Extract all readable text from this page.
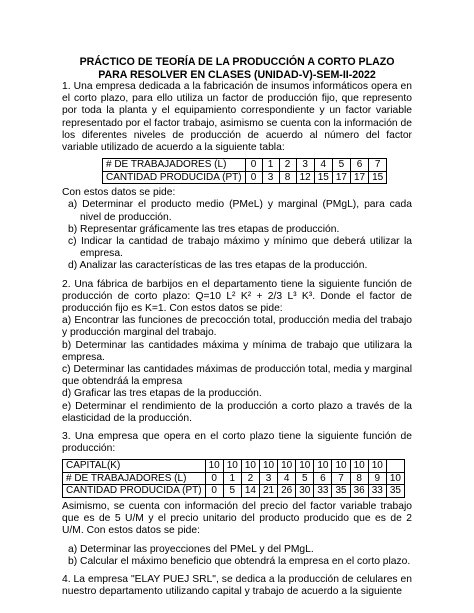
PRÁCTICO DE TEORÍA DE LA PRODUCCIÓN A CORTO PLAZO
PARA RESOLVER EN CLASES (UNIDAD-V)-SEM-II-2022

1. Una empresa dedicada a la fabricación de insumos informáticos opera en el corto plazo, para ello utiliza un factor de producción fijo, que represento por toda la planta y el equipamiento correspondiente y un factor variable representado por el factor trabajo, asimismo se cuenta con la información de los diferentes niveles de producción de acuerdo al número del factor variable utilizado de acuerdo a la siguiente tabla:

# DE TRABAJADORES (L)	0	1	2	3	4	5	6	7
CANTIDAD PRODUCIDA (PT)	0	3	8	12	15	17	17	15

Con estos datos se pide:

a) Determinar el producto medio (PMeL) y marginal (PMgL), para cada nivel de producción.

b) Representar gráficamente las tres etapas de producción.

c) Indicar la cantidad de trabajo máximo y mínimo que deberá utilizar la empresa.

d) Analizar las características de las tres etapas de la producción.

2. Una fábrica de barbijos en el departamento tiene la siguiente función de producción de corto plazo: Q=10 L² K² + 2/3 L³ K³. Donde el factor de producción fijo es K=1. Con estos datos se pide:

a) Encontrar las funciones de precocción total, producción media del trabajo y producción marginal del trabajo.

b) Determinar las cantidades máxima y mínima de trabajo que utilizara la empresa.

c) Determinar las cantidades máximas de producción total, media y marginal que obtendráá la empresa

d) Graficar las tres etapas de la producción.

e) Determinar el rendimiento de la producción a corto plazo a través de la elasticidad de la producción.

3. Una empresa que opera en el corto plazo tiene la siguiente función de producción:

CAPITAL(K)	10	10	10	10	10	10	10	10	10	10	
# DE TRABAJADORES (L)	0	1	2	3	4	5	6	7	8	9	10
CANTIDAD PRODUCIDA (PT)	0	5	14	21	26	30	33	35	36	33	35

Asimismo, se cuenta con información del precio del factor variable trabajo que es de 5 U/M y el precio unitario del producto producido que es de 2 U/M. Con estos datos se pide:

a) Determinar las proyecciones del PMeL y del PMgL.

b) Calcular el máximo beneficio que obtendrá la empresa en el corto plazo.

4. La empresa "ELAY PUEJ SRL", se dedica a la producción de celulares en nuestro departamento utilizando capital y trabajo de acuerdo a la siguiente
